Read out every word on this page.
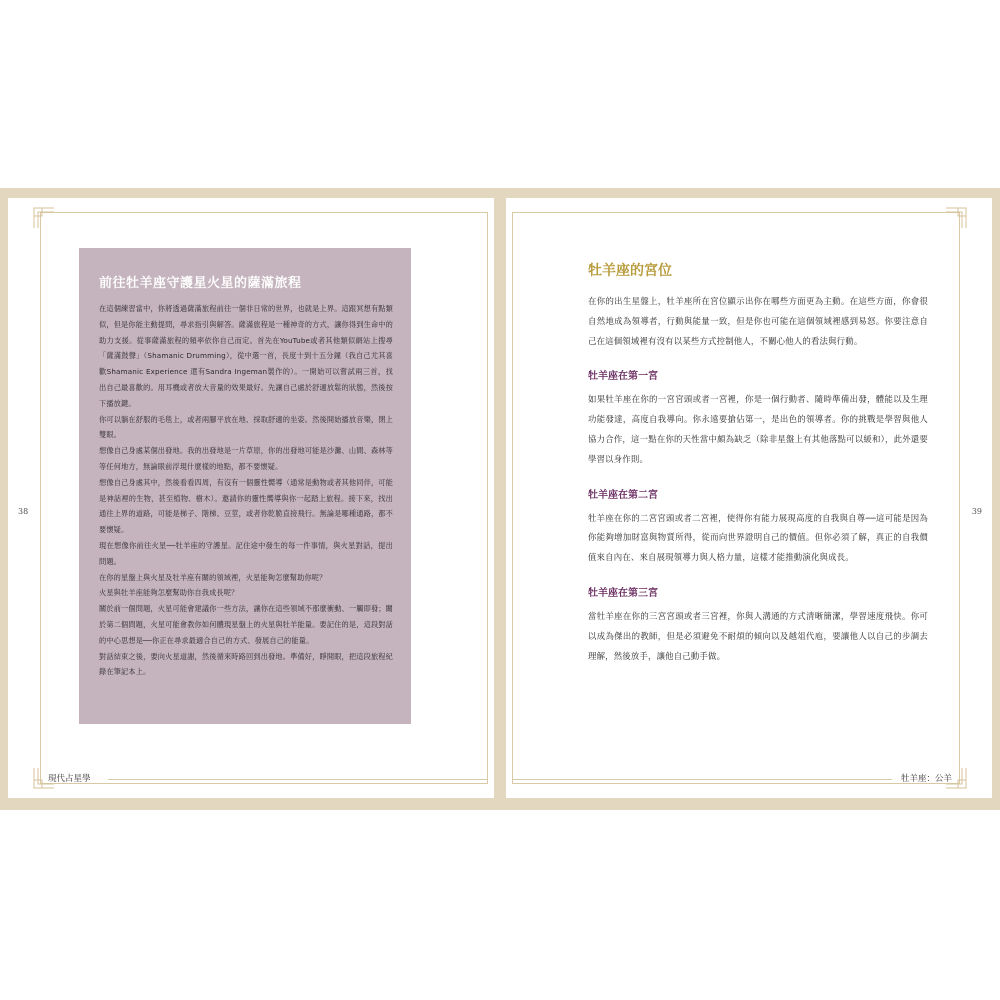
38
前往牡羊座守護星火星的薩滿旅程

在這個練習當中，你將透過薩滿旅程前往一個非日常的世界，也就是上界。這跟冥想有點類似，但是你能主動提問，尋求指引與解答。薩滿旅程是一種神奇的方式，讓你得到生命中的助力支援。從事薩滿旅程的頻率依你自己而定。首先在YouTube或者其他類似網站上搜尋「薩滿鼓聲」（Shamanic Drumming），從中選一首，長度十到十五分鐘（我自己尤其喜歡Shamanic Experience 還有Sandra Ingeman製作的）。一開始可以嘗試兩三首，找出自己最喜歡的。用耳機或者放大音量的效果最好。先讓自己處於舒適放鬆的狀態，然後按下播放鍵。

你可以躺在舒服的毛毯上，或者兩腳平放在地、採取舒適的坐姿。然後開始播放音樂，閉上雙眼。

想像自己身處某個出發地。我的出發地是一片草原，你的出發地可能是沙灘、山間、森林等等任何地方，無論眼前浮現什麼樣的地點，都不要懷疑。

想像自己身處其中，然後看看四周，有沒有一個靈性嚮導（通常是動物或者其他同伴，可能是神話裡的生物，甚至植物、樹木）。邀請你的靈性嚮導與你一起踏上旅程。接下來，找出通往上界的道路，可能是梯子、階梯、豆莖，或者你乾脆直接飛行。無論是哪種通路，都不要懷疑。

現在想像你前往火星──牡羊座的守護星。記住途中發生的每一件事情，與火星對話，提出問題。

在你的星盤上與火星及牡羊座有關的領域裡，火星能夠怎麼幫助你呢？

火星與牡羊座能夠怎麼幫助你自我成長呢？

關於前一個問題，火星可能會建議你一些方法，讓你在這些領域不那麼衝動、一觸即發；關於第二個問題，火星可能會教你如何體現星盤上的火星與牡羊能量。要記住的是，這段對話的中心思想是──你正在尋求最適合自己的方式、發展自己的能量。

對話結束之後，要向火星道謝，然後循來時路回到出發地。準備好，睜開眼，把這段旅程紀錄在筆記本上。

現代占星學
39
牡羊座的宮位

在你的出生星盤上，牡羊座所在宮位顯示出你在哪些方面更為主動。在這些方面，你會很自然地成為領導者，行動與能量一致，但是你也可能在這個領域裡感到易怒。你要注意自己在這個領域裡有沒有以某些方式控制他人，不關心他人的看法與行動。

牡羊座在第一宮

如果牡羊座在你的一宮宮頭或者一宮裡，你是一個行動者、隨時準備出發，體能以及生理功能發達，高度自我導向。你永遠要搶佔第一，是出色的領導者。你的挑戰是學習與他人協力合作，這一點在你的天性當中頗為缺乏（除非星盤上有其他落點可以緩和），此外還要學習以身作則。

牡羊座在第二宮

牡羊座在你的二宮宮頭或者二宮裡，使得你有能力展現高度的自我與自尊──這可能是因為你能夠增加財富與物質所得，從而向世界證明自己的價值。但你必須了解，真正的自我價值來自內在、來自展現領導力與人格力量，這樣才能推動演化與成長。

牡羊座在第三宮

當牡羊座在你的三宮宮頭或者三宮裡，你與人溝通的方式清晰簡潔，學習速度飛快。你可以成為傑出的教師，但是必須避免不耐煩的傾向以及越俎代庖，要讓他人以自己的步調去理解，然後放手，讓他自己動手做。

牡羊座：公羊
